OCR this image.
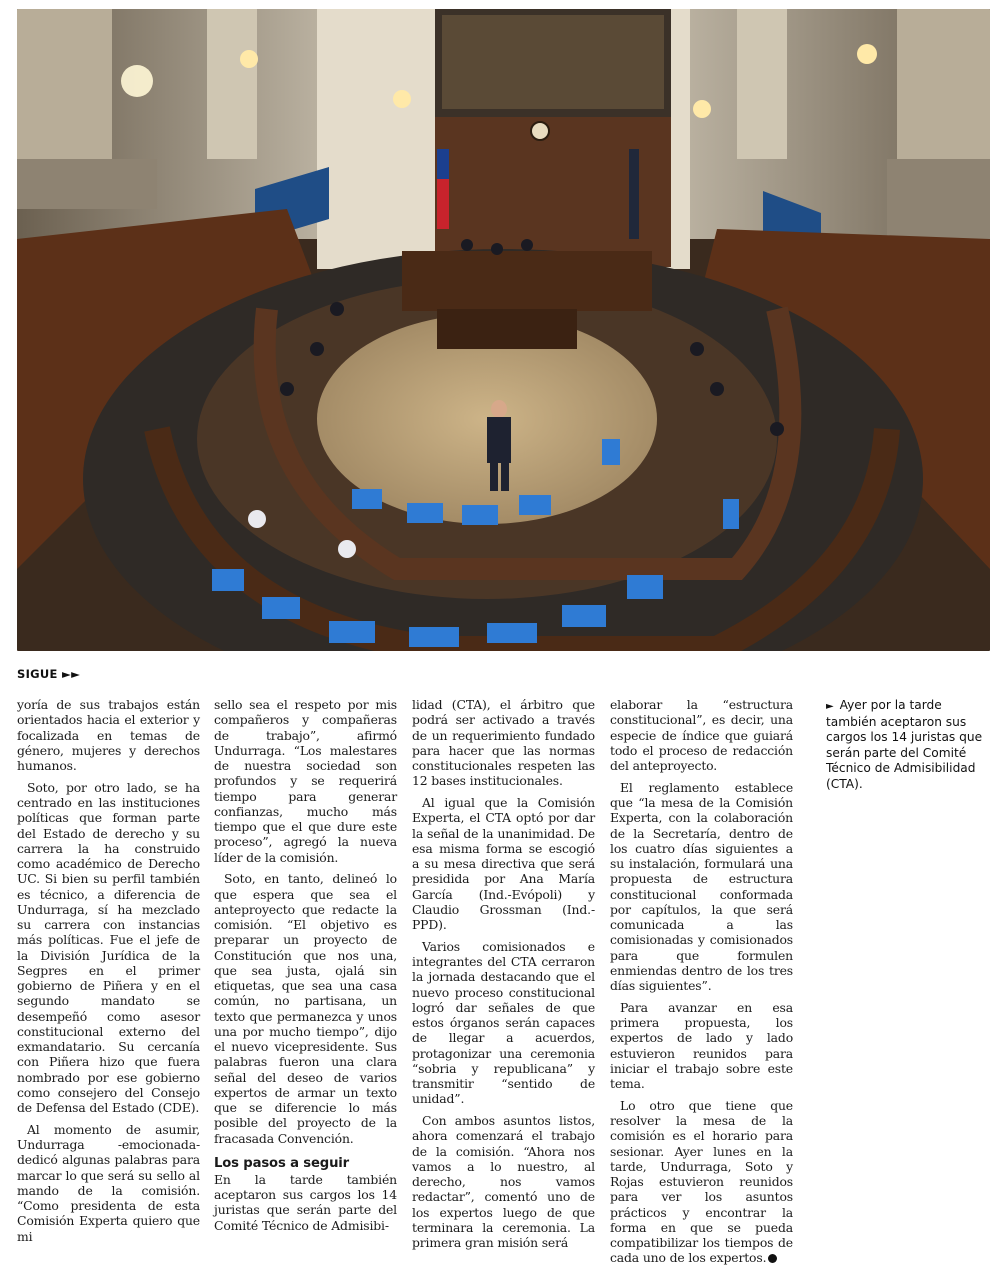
SIGUE ►►

yoría de sus trabajos están orientados hacia el exterior y focalizada en temas de género, mujeres y derechos humanos.

Soto, por otro lado, se ha centrado en las instituciones políticas que forman parte del Estado de derecho y su carrera la ha construido como académico de Derecho UC. Si bien su perfil también es técnico, a diferencia de Undurraga, sí ha mezclado su carrera con instancias más políticas. Fue el jefe de la División Jurídica de la Segpres en el primer gobierno de Piñera y en el segundo mandato se desempeñó como asesor constitucional externo del exmandatario. Su cercanía con Piñera hizo que fuera nombrado por ese gobierno como consejero del Consejo de Defensa del Estado (CDE).

Al momento de asumir, Undurraga -emocionada- dedicó algunas palabras para marcar lo que será su sello al mando de la comisión. “Como presidenta de esta Comisión Experta quiero que mi

sello sea el respeto por mis compañeros y compañeras de trabajo”, afirmó Undurraga. “Los malestares de nuestra sociedad son profundos y se requerirá tiempo para generar confianzas, mucho más tiempo que el que dure este proceso”, agregó la nueva líder de la comisión.

Soto, en tanto, delineó lo que espera que sea el anteproyecto que redacte la comisión. “El objetivo es preparar un proyecto de Constitución que nos una, que sea justa, ojalá sin etiquetas, que sea una casa común, no partisana, un texto que permanezca y unos una por mucho tiempo”, dijo el nuevo vicepresidente. Sus palabras fueron una clara señal del deseo de varios expertos de armar un texto que se diferencie lo más posible del proyecto de la fracasada Convención.

Los pasos a seguir

En la tarde también aceptaron sus cargos los 14 juristas que serán parte del Comité Técnico de Admisibi-

lidad (CTA), el árbitro que podrá ser activado a través de un requerimiento fundado para hacer que las normas constitucionales respeten las 12 bases institucionales.

Al igual que la Comisión Experta, el CTA optó por dar la señal de la unanimidad. De esa misma forma se escogió a su mesa directiva que será presidida por Ana María García (Ind.-Evópoli) y Claudio Grossman (Ind.-PPD).

Varios comisionados e integrantes del CTA cerraron la jornada destacando que el nuevo proceso constitucional logró dar señales de que estos órganos serán capaces de llegar a acuerdos, protagonizar una ceremonia “sobria y republicana” y transmitir “sentido de unidad”.

Con ambos asuntos listos, ahora comenzará el trabajo de la comisión. “Ahora nos vamos a lo nuestro, al derecho, nos vamos redactar”, comentó uno de los expertos luego de que terminara la ceremonia. La primera gran misión será

elaborar la “estructura constitucional”, es decir, una especie de índice que guiará todo el proceso de redacción del anteproyecto.

El reglamento establece que “la mesa de la Comisión Experta, con la colaboración de la Secretaría, dentro de los cuatro días siguientes a su instalación, formulará una propuesta de estructura constitucional conformada por capítulos, la que será comunicada a las comisionadas y comisionados para que formulen enmiendas dentro de los tres días siguientes”.

Para avanzar en esa primera propuesta, los expertos de lado y lado estuvieron reunidos para iniciar el trabajo sobre este tema.

Lo otro que tiene que resolver la mesa de la comisión es el horario para sesionar. Ayer lunes en la tarde, Undurraga, Soto y Rojas estuvieron reunidos para ver los asuntos prácticos y encontrar la forma en que se pueda compatibilizar los tiempos de cada uno de los expertos.

► Ayer por la tarde también aceptaron sus cargos los 14 juristas que serán parte del Comité Técnico de Admisibilidad (CTA).
